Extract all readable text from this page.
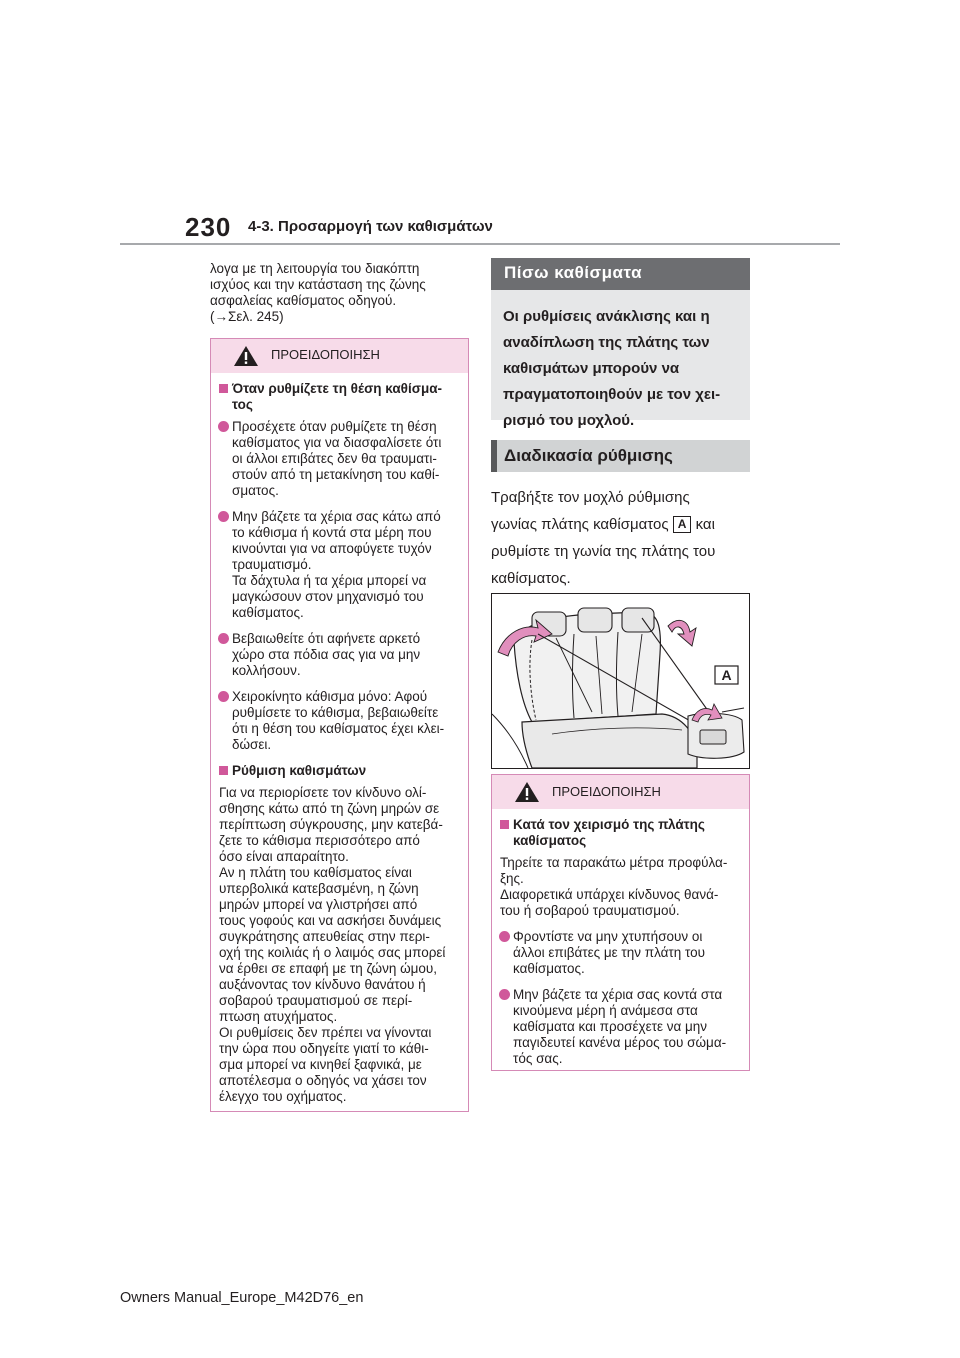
230 4-3. Προσαρμογή των καθισμάτων
λογα με τη λειτουργία του διακόπτη
ισχύος και την κατάσταση της ζώνης
ασφαλείας καθίσματος οδηγού.
(→Σελ. 245)
ΠΡΟΕΙΔΟΠΟΙΗΣΗ
Όταν ρυθμίζετε τη θέση καθίσμα-
τος
Προσέχετε όταν ρυθμίζετε τη θέση
καθίσματος για να διασφαλίσετε ότι
οι άλλοι επιβάτες δεν θα τραυματι-
στούν από τη μετακίνηση του καθί-
σματος.
Μην βάζετε τα χέρια σας κάτω από
το κάθισμα ή κοντά στα μέρη που
κινούνται για να αποφύγετε τυχόν
τραυματισμό.
Τα δάχτυλα ή τα χέρια μπορεί να
μαγκώσουν στον μηχανισμό του
καθίσματος.
Βεβαιωθείτε ότι αφήνετε αρκετό
χώρο στα πόδια σας για να μην
κολλήσουν.
Χειροκίνητο κάθισμα μόνο: Αφού
ρυθμίσετε το κάθισμα, βεβαιωθείτε
ότι η θέση του καθίσματος έχει κλει-
δώσει.
Ρύθμιση καθισμάτων
Για να περιορίσετε τον κίνδυνο ολί-
σθησης κάτω από τη ζώνη μηρών σε
περίπτωση σύγκρουσης, μην κατεβά-
ζετε το κάθισμα περισσότερο από
όσο είναι απαραίτητο.
Αν η πλάτη του καθίσματος είναι
υπερβολικά κατεβασμένη, η ζώνη
μηρών μπορεί να γλιστρήσει από
τους γοφούς και να ασκήσει δυνάμεις
συγκράτησης απευθείας στην περι-
οχή της κοιλιάς ή ο λαιμός σας μπορεί
να έρθει σε επαφή με τη ζώνη ώμου,
αυξάνοντας τον κίνδυνο θανάτου ή
σοβαρού τραυματισμού σε περί-
πτωση ατυχήματος.
Οι ρυθμίσεις δεν πρέπει να γίνονται
την ώρα που οδηγείτε γιατί το κάθι-
σμα μπορεί να κινηθεί ξαφνικά, με
αποτέλεσμα ο οδηγός να χάσει τον
έλεγχο του οχήματος.
Πίσω καθίσματα
Οι ρυθμίσεις ανάκλισης και η
αναδίπλωση της πλάτης των
καθισμάτων μπορούν να
πραγματοποιηθούν με τον χει-
ρισμό του μοχλού.
Διαδικασία ρύθμισης
Τραβήξτε τον μοχλό ρύθμισης
γωνίας πλάτης καθίσματος A και
ρυθμίστε τη γωνία της πλάτης του
καθίσματος.
A
ΠΡΟΕΙΔΟΠΟΙΗΣΗ
Κατά τον χειρισμό της πλάτης
καθίσματος
Τηρείτε τα παρακάτω μέτρα προφύλα-
ξης.
Διαφορετικά υπάρχει κίνδυνος θανά-
του ή σοβαρού τραυματισμού.
Φροντίστε να μην χτυπήσουν οι
άλλοι επιβάτες με την πλάτη του
καθίσματος.
Μην βάζετε τα χέρια σας κοντά στα
κινούμενα μέρη ή ανάμεσα στα
καθίσματα και προσέχετε να μην
παγιδευτεί κανένα μέρος του σώμα-
τός σας.
Owners Manual_Europe_M42D76_en
